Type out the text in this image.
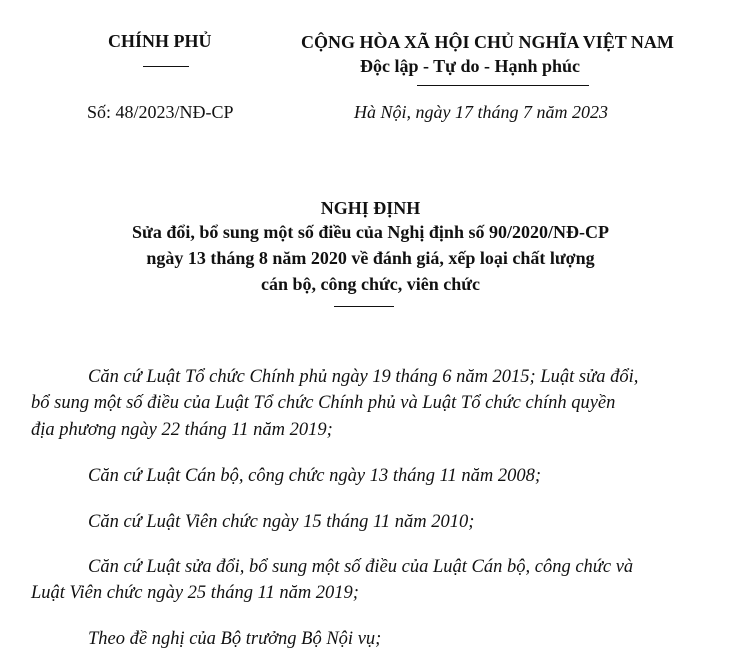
CHÍNH PHỦ	CỘNG HÒA XÃ HỘI CHỦ NGHĨA VIỆT NAM
Độc lập - Tự do - Hạnh phúc
Số: 48/2023/NĐ-CP	Hà Nội, ngày 17 tháng 7 năm 2023
NGHỊ ĐỊNH
Sửa đổi, bổ sung một số điều của Nghị định số 90/2020/NĐ-CP
ngày 13 tháng 8 năm 2020 về đánh giá, xếp loại chất lượng
cán bộ, công chức, viên chức
Căn cứ Luật Tổ chức Chính phủ ngày 19 tháng 6 năm 2015; Luật sửa đổi,
bổ sung một số điều của Luật Tổ chức Chính phủ và Luật Tổ chức chính quyền
địa phương ngày 22 tháng 11 năm 2019;
Căn cứ Luật Cán bộ, công chức ngày 13 tháng 11 năm 2008;
Căn cứ Luật Viên chức ngày 15 tháng 11 năm 2010;
Căn cứ Luật sửa đổi, bổ sung một số điều của Luật Cán bộ, công chức và
Luật Viên chức ngày 25 tháng 11 năm 2019;
Theo đề nghị của Bộ trưởng Bộ Nội vụ;
